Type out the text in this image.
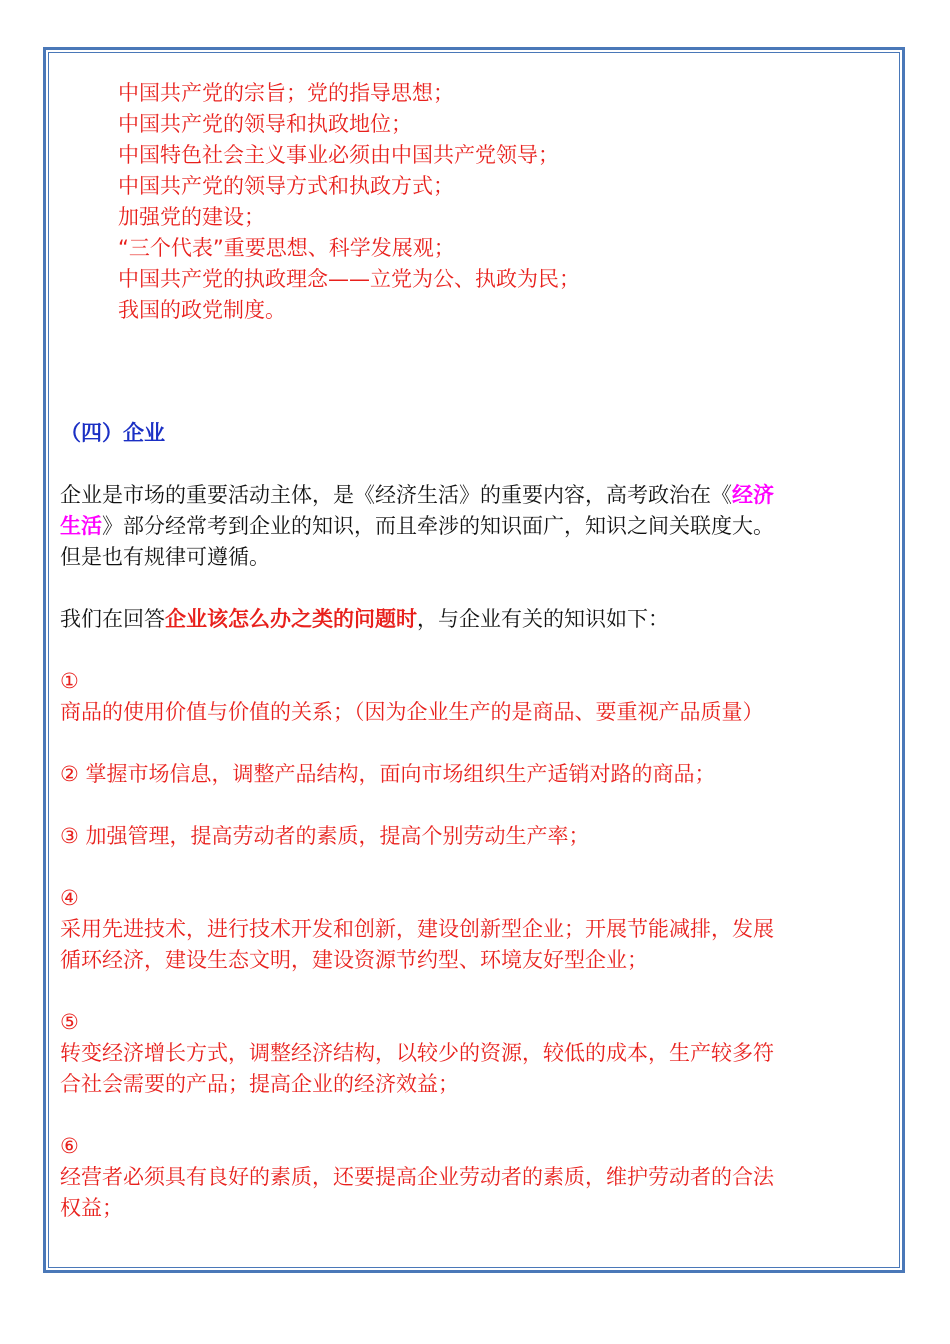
中国共产党的宗旨；党的指导思想；
中国共产党的领导和执政地位；
中国特色社会主义事业必须由中国共产党领导；
中国共产党的领导方式和执政方式；
加强党的建设；
“三个代表”重要思想、科学发展观；
中国共产党的执政理念——立党为公、执政为民；
我国的政党制度。
（四）企业
企业是市场的重要活动主体，是《经济生活》的重要内容，高考政治在《经济
生活》部分经常考到企业的知识，而且牵涉的知识面广，知识之间关联度大。
但是也有规律可遵循。
我们在回答企业该怎么办之类的问题时，与企业有关的知识如下：
①
商品的使用价值与价值的关系；（因为企业生产的是商品、要重视产品质量）
② 掌握市场信息，调整产品结构，面向市场组织生产适销对路的商品；
③ 加强管理，提高劳动者的素质，提高个别劳动生产率；
④
采用先进技术，进行技术开发和创新，建设创新型企业；开展节能减排，发展
循环经济，建设生态文明，建设资源节约型、环境友好型企业；
⑤
转变经济增长方式，调整经济结构，以较少的资源，较低的成本，生产较多符
合社会需要的产品；提高企业的经济效益；
⑥
经营者必须具有良好的素质，还要提高企业劳动者的素质，维护劳动者的合法
权益；
